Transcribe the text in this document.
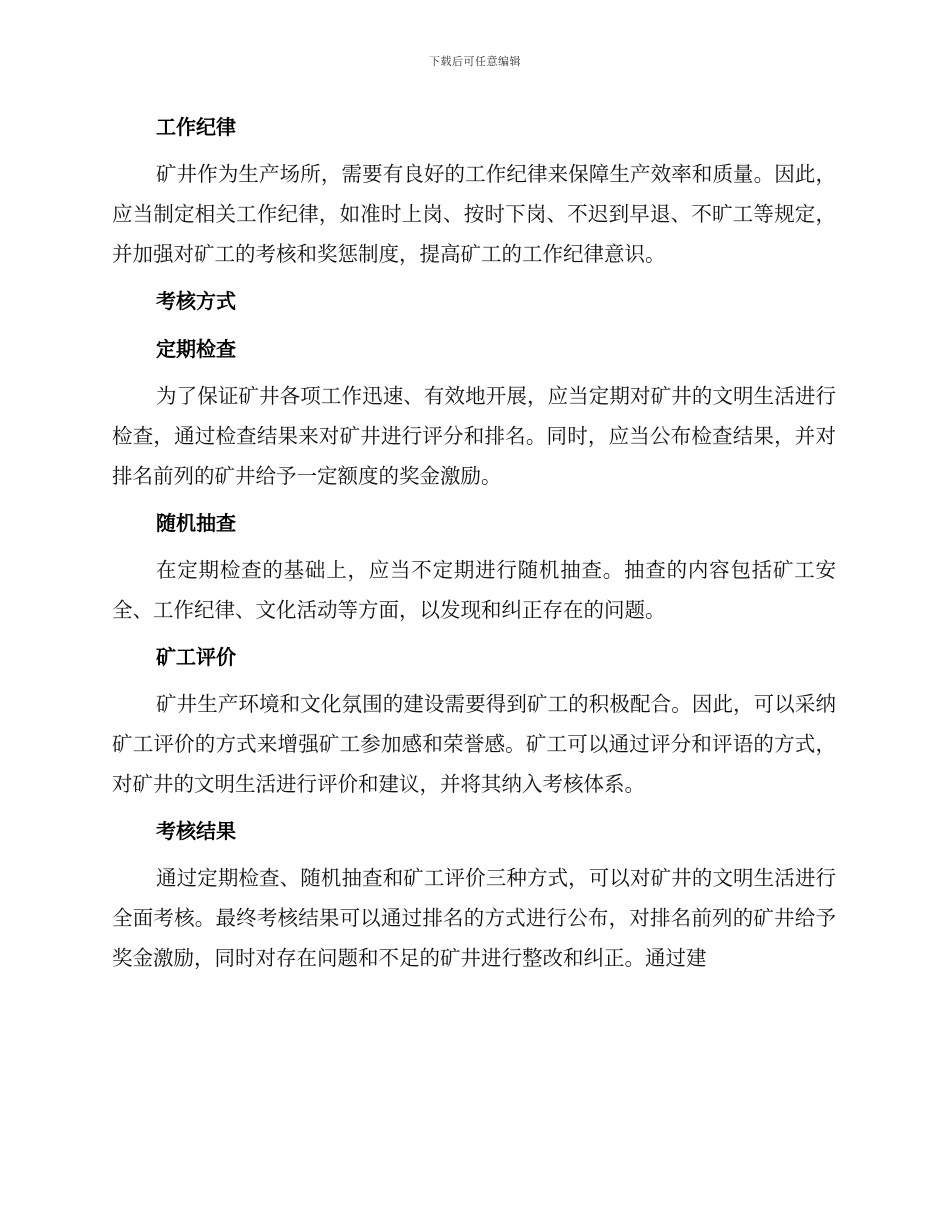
下载后可任意编辑
工作纪律

矿井作为生产场所，需要有良好的工作纪律来保障生产效率和质量。因此，应当制定相关工作纪律，如准时上岗、按时下岗、不迟到早退、不旷工等规定，并加强对矿工的考核和奖惩制度，提高矿工的工作纪律意识。

考核方式
定期检查

为了保证矿井各项工作迅速、有效地开展，应当定期对矿井的文明生活进行检查，通过检查结果来对矿井进行评分和排名。同时，应当公布检查结果，并对排名前列的矿井给予一定额度的奖金激励。

随机抽查

在定期检查的基础上，应当不定期进行随机抽查。抽查的内容包括矿工安全、工作纪律、文化活动等方面，以发现和纠正存在的问题。

矿工评价

矿井生产环境和文化氛围的建设需要得到矿工的积极配合。因此，可以采纳矿工评价的方式来增强矿工参加感和荣誉感。矿工可以通过评分和评语的方式，对矿井的文明生活进行评价和建议，并将其纳入考核体系。

考核结果

通过定期检查、随机抽查和矿工评价三种方式，可以对矿井的文明生活进行全面考核。最终考核结果可以通过排名的方式进行公布，对排名前列的矿井给予奖金激励，同时对存在问题和不足的矿井进行整改和纠正。通过建
